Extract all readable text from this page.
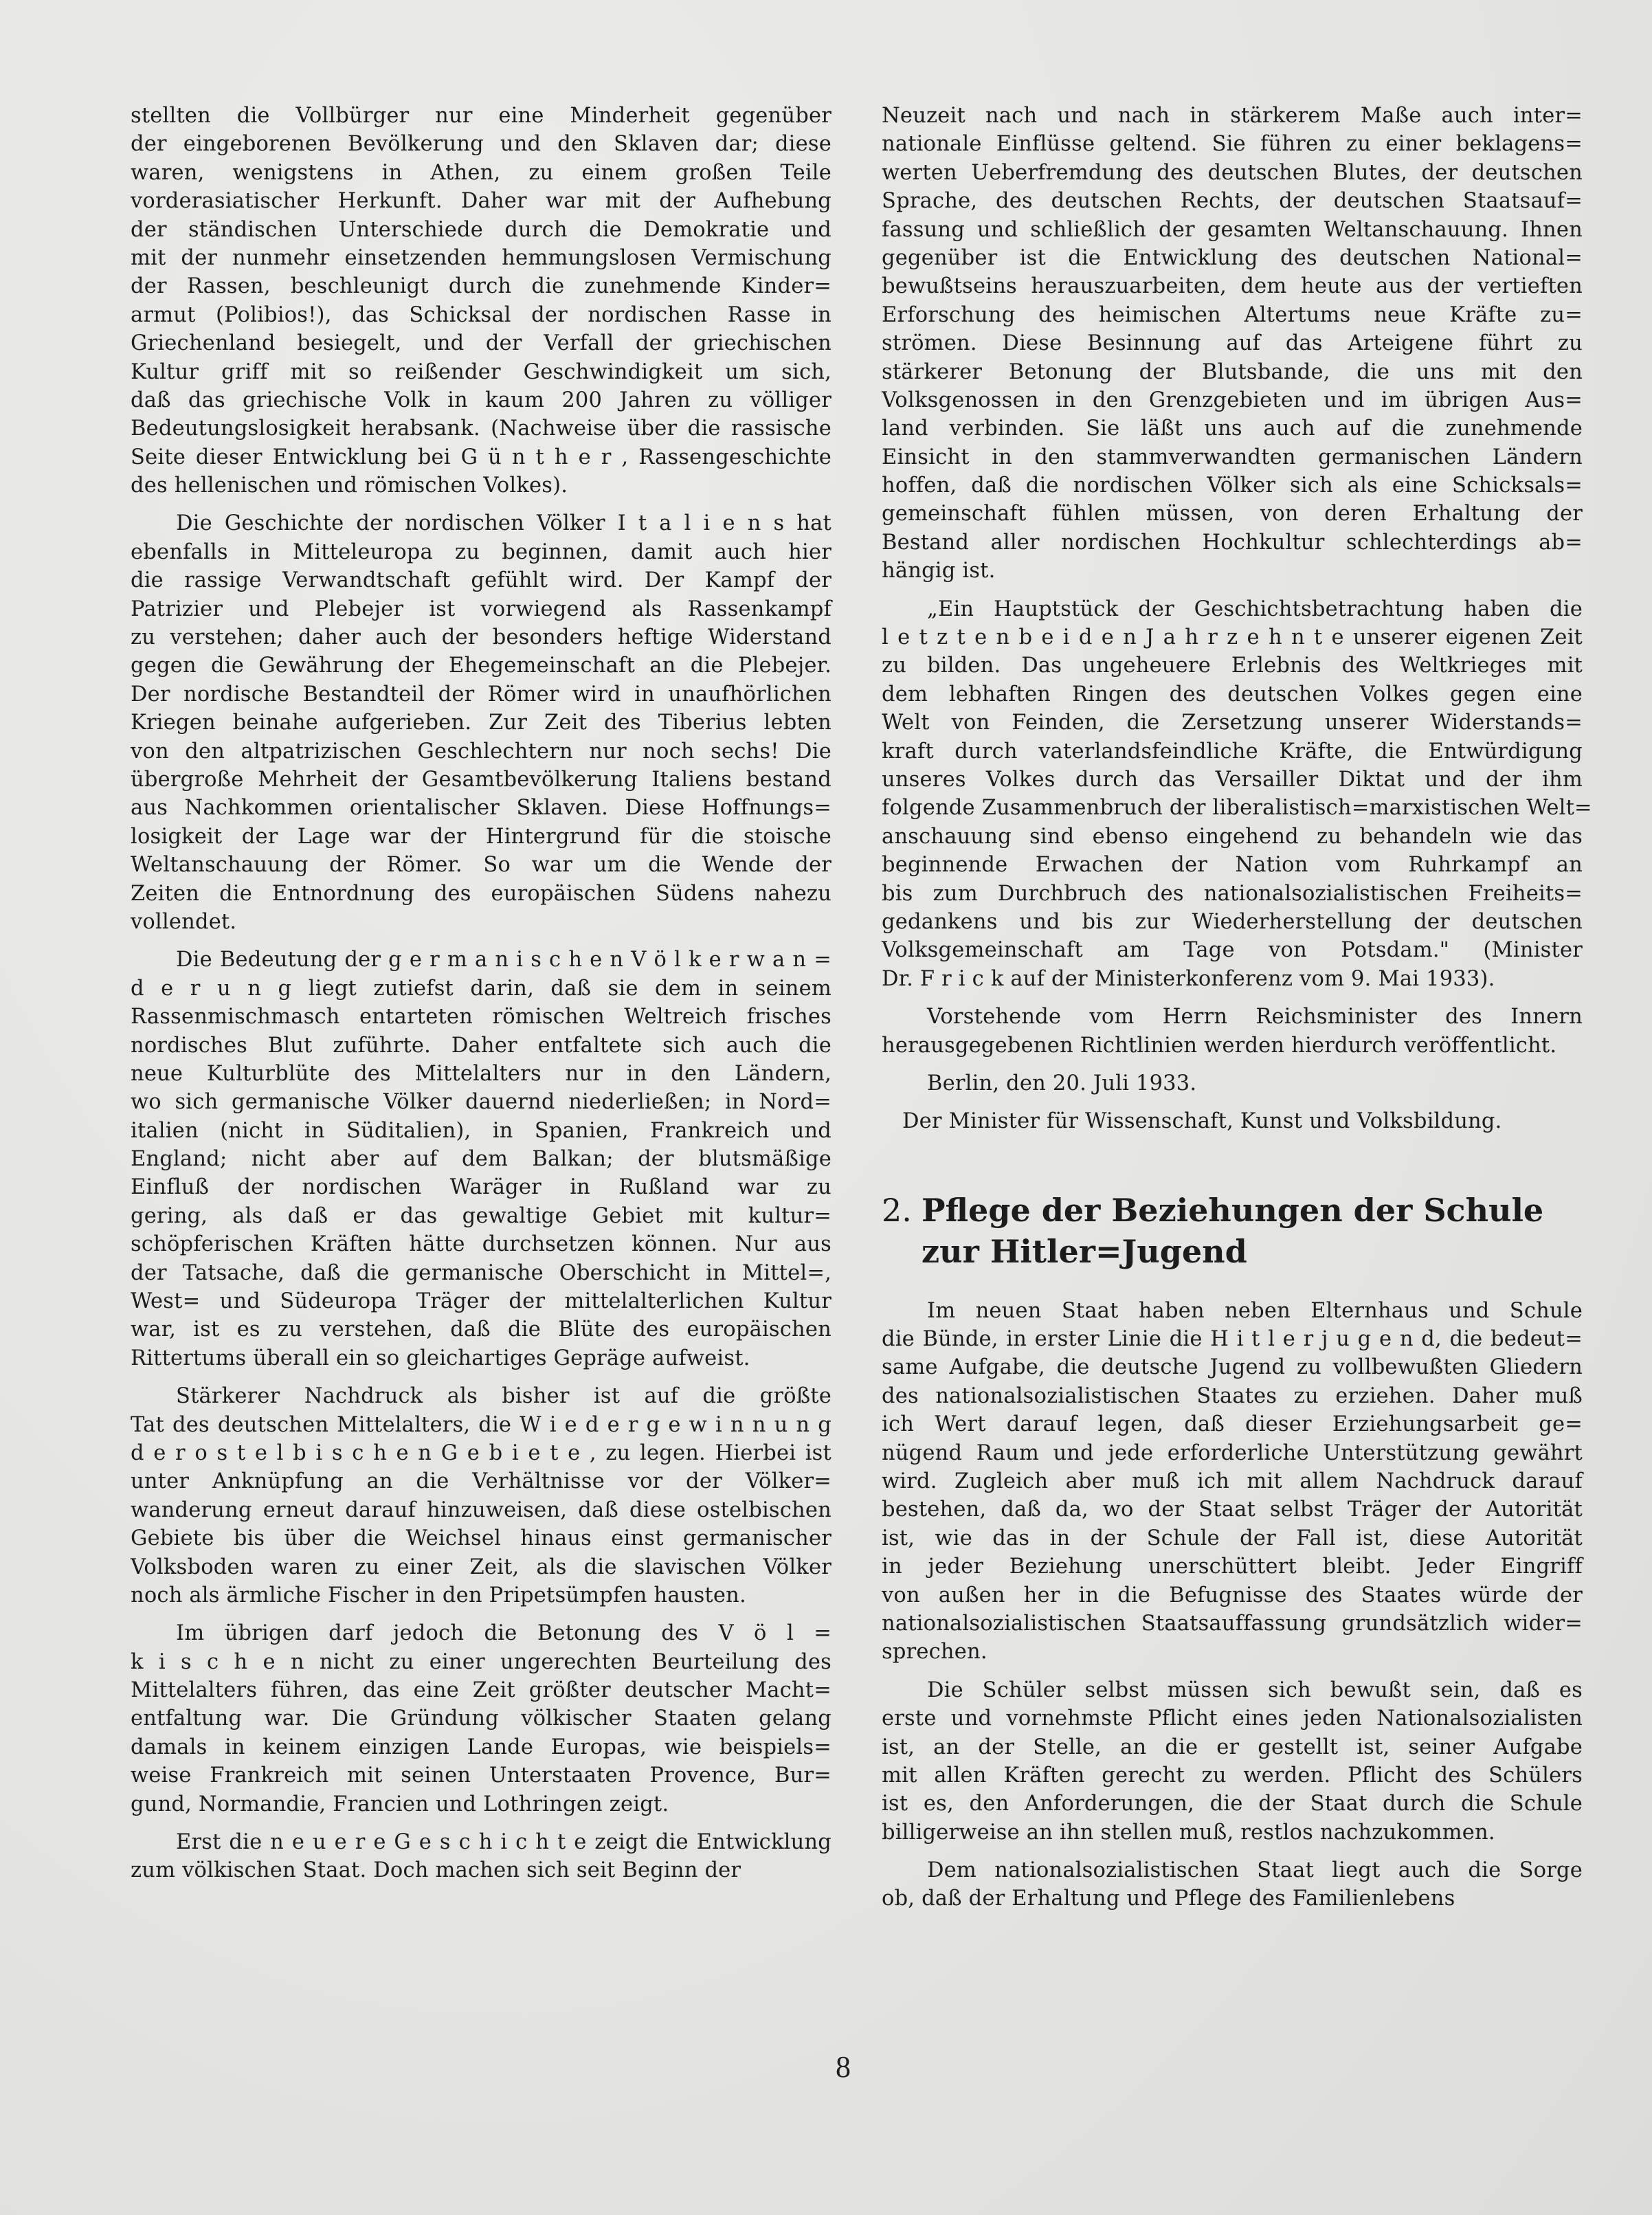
stellten die Vollbürger nur eine Minderheit gegenüber
der eingeborenen Bevölkerung und den Sklaven dar; diese
waren, wenigstens in Athen, zu einem großen Teile
vorderasiatischer Herkunft. Daher war mit der Aufhebung
der ständischen Unterschiede durch die Demokratie und
mit der nunmehr einsetzenden hemmungslosen Vermischung
der Rassen, beschleunigt durch die zunehmende Kinder=
armut (Polibios!), das Schicksal der nordischen Rasse in
Griechenland besiegelt, und der Verfall der griechischen
Kultur griff mit so reißender Geschwindigkeit um sich,
daß das griechische Volk in kaum 200 Jahren zu völliger
Bedeutungslosigkeit herabsank. (Nachweise über die rassische
Seite dieser Entwicklung bei G ü n t h e r , Rassengeschichte
des hellenischen und römischen Volkes).
Die Geschichte der nordischen Völker I t a l i e n s hat
ebenfalls in Mitteleuropa zu beginnen, damit auch hier
die rassige Verwandtschaft gefühlt wird. Der Kampf der
Patrizier und Plebejer ist vorwiegend als Rassenkampf
zu verstehen; daher auch der besonders heftige Widerstand
gegen die Gewährung der Ehegemeinschaft an die Plebejer.
Der nordische Bestandteil der Römer wird in unaufhörlichen
Kriegen beinahe aufgerieben. Zur Zeit des Tiberius lebten
von den altpatrizischen Geschlechtern nur noch sechs! Die
übergroße Mehrheit der Gesamtbevölkerung Italiens bestand
aus Nachkommen orientalischer Sklaven. Diese Hoffnungs=
losigkeit der Lage war der Hintergrund für die stoische
Weltanschauung der Römer. So war um die Wende der
Zeiten die Entnordnung des europäischen Südens nahezu
vollendet.
Die Bedeutung der g e r m a n i s c h e n V ö l k e r w a n =
d e r u n g liegt zutiefst darin, daß sie dem in seinem
Rassenmischmasch entarteten römischen Weltreich frisches
nordisches Blut zuführte. Daher entfaltete sich auch die
neue Kulturblüte des Mittelalters nur in den Ländern,
wo sich germanische Völker dauernd niederließen; in Nord=
italien (nicht in Süditalien), in Spanien, Frankreich und
England; nicht aber auf dem Balkan; der blutsmäßige
Einfluß der nordischen Waräger in Rußland war zu
gering, als daß er das gewaltige Gebiet mit kultur=
schöpferischen Kräften hätte durchsetzen können. Nur aus
der Tatsache, daß die germanische Oberschicht in Mittel=,
West= und Südeuropa Träger der mittelalterlichen Kultur
war, ist es zu verstehen, daß die Blüte des europäischen
Rittertums überall ein so gleichartiges Gepräge aufweist.
Stärkerer Nachdruck als bisher ist auf die größte
Tat des deutschen Mittelalters, die W i e d e r g e w i n n u n g
d e r o s t e l b i s c h e n G e b i e t e , zu legen. Hierbei ist
unter Anknüpfung an die Verhältnisse vor der Völker=
wanderung erneut darauf hinzuweisen, daß diese ostelbischen
Gebiete bis über die Weichsel hinaus einst germanischer
Volksboden waren zu einer Zeit, als die slavischen Völker
noch als ärmliche Fischer in den Pripetsümpfen hausten.
Im übrigen darf jedoch die Betonung des V ö l =
k i s c h e n nicht zu einer ungerechten Beurteilung des
Mittelalters führen, das eine Zeit größter deutscher Macht=
entfaltung war. Die Gründung völkischer Staaten gelang
damals in keinem einzigen Lande Europas, wie beispiels=
weise Frankreich mit seinen Unterstaaten Provence, Bur=
gund, Normandie, Francien und Lothringen zeigt.
Erst die n e u e r e G e s c h i c h t e zeigt die Entwicklung
zum völkischen Staat. Doch machen sich seit Beginn der
Neuzeit nach und nach in stärkerem Maße auch inter=
nationale Einflüsse geltend. Sie führen zu einer beklagens=
werten Ueberfremdung des deutschen Blutes, der deutschen
Sprache, des deutschen Rechts, der deutschen Staatsauf=
fassung und schließlich der gesamten Weltanschauung. Ihnen
gegenüber ist die Entwicklung des deutschen National=
bewußtseins herauszuarbeiten, dem heute aus der vertieften
Erforschung des heimischen Altertums neue Kräfte zu=
strömen. Diese Besinnung auf das Arteigene führt zu
stärkerer Betonung der Blutsbande, die uns mit den
Volksgenossen in den Grenzgebieten und im übrigen Aus=
land verbinden. Sie läßt uns auch auf die zunehmende
Einsicht in den stammverwandten germanischen Ländern
hoffen, daß die nordischen Völker sich als eine Schicksals=
gemeinschaft fühlen müssen, von deren Erhaltung der
Bestand aller nordischen Hochkultur schlechterdings ab=
hängig ist.
„Ein Hauptstück der Geschichtsbetrachtung haben die
l e t z t e n b e i d e n J a h r z e h n t e unserer eigenen Zeit
zu bilden. Das ungeheuere Erlebnis des Weltkrieges mit
dem lebhaften Ringen des deutschen Volkes gegen eine
Welt von Feinden, die Zersetzung unserer Widerstands=
kraft durch vaterlandsfeindliche Kräfte, die Entwürdigung
unseres Volkes durch das Versailler Diktat und der ihm
folgende Zusammenbruch der liberalistisch=marxistischen Welt=
anschauung sind ebenso eingehend zu behandeln wie das
beginnende Erwachen der Nation vom Ruhrkampf an
bis zum Durchbruch des nationalsozialistischen Freiheits=
gedankens und bis zur Wiederherstellung der deutschen
Volksgemeinschaft am Tage von Potsdam." (Minister
Dr. F r i c k auf der Ministerkonferenz vom 9. Mai 1933).
Vorstehende vom Herrn Reichsminister des Innern
herausgegebenen Richtlinien werden hierdurch veröffentlicht.
Berlin, den 20. Juli 1933.
Der Minister für Wissenschaft, Kunst und Volksbildung.
2. Pflege der Beziehungen der Schule
zur Hitler=Jugend
Im neuen Staat haben neben Elternhaus und Schule
die Bünde, in erster Linie die H i t l e r j u g e n d, die bedeut=
same Aufgabe, die deutsche Jugend zu vollbewußten Gliedern
des nationalsozialistischen Staates zu erziehen. Daher muß
ich Wert darauf legen, daß dieser Erziehungsarbeit ge=
nügend Raum und jede erforderliche Unterstützung gewährt
wird. Zugleich aber muß ich mit allem Nachdruck darauf
bestehen, daß da, wo der Staat selbst Träger der Autorität
ist, wie das in der Schule der Fall ist, diese Autorität
in jeder Beziehung unerschüttert bleibt. Jeder Eingriff
von außen her in die Befugnisse des Staates würde der
nationalsozialistischen Staatsauffassung grundsätzlich wider=
sprechen.
Die Schüler selbst müssen sich bewußt sein, daß es
erste und vornehmste Pflicht eines jeden Nationalsozialisten
ist, an der Stelle, an die er gestellt ist, seiner Aufgabe
mit allen Kräften gerecht zu werden. Pflicht des Schülers
ist es, den Anforderungen, die der Staat durch die Schule
billigerweise an ihn stellen muß, restlos nachzukommen.
Dem nationalsozialistischen Staat liegt auch die Sorge
ob, daß der Erhaltung und Pflege des Familienlebens
8
